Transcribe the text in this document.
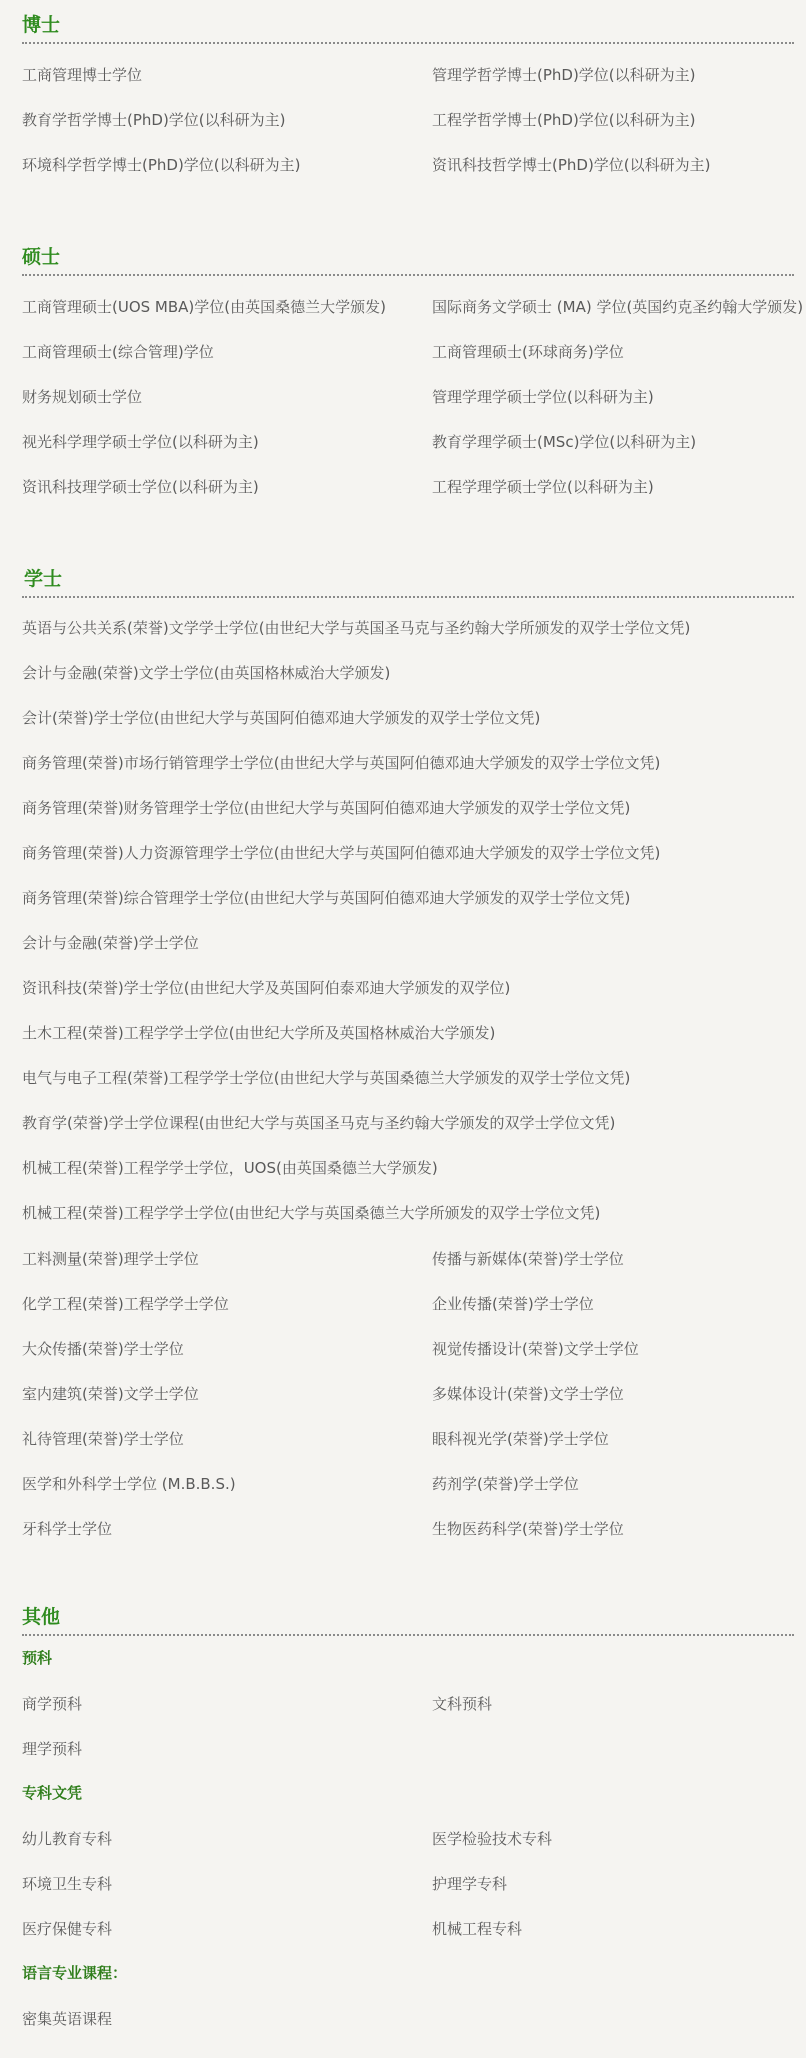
博士
工商管理博士学位	管理学哲学博士(PhD)学位(以科研为主)
教育学哲学博士(PhD)学位(以科研为主)	工程学哲学博士(PhD)学位(以科研为主)
环境科学哲学博士(PhD)学位(以科研为主)	资讯科技哲学博士(PhD)学位(以科研为主)
硕士
工商管理硕士(UOS MBA)学位(由英国桑德兰大学颁发)	国际商务文学硕士 (MA) 学位(英国约克圣约翰大学颁发)
工商管理硕士(综合管理)学位	工商管理硕士(环球商务)学位
财务规划硕士学位	管理学理学硕士学位(以科研为主)
视光科学理学硕士学位(以科研为主)	教育学理学硕士(MSc)学位(以科研为主)
资讯科技理学硕士学位(以科研为主)	工程学理学硕士学位(以科研为主)
学士
英语与公共关系(荣誉)文学学士学位(由世纪大学与英国圣马克与圣约翰大学所颁发的双学士学位文凭)
会计与金融(荣誉)文学士学位(由英国格林威治大学颁发)
会计(荣誉)学士学位(由世纪大学与英国阿伯德邓迪大学颁发的双学士学位文凭)
商务管理(荣誉)市场行销管理学士学位(由世纪大学与英国阿伯德邓迪大学颁发的双学士学位文凭)
商务管理(荣誉)财务管理学士学位(由世纪大学与英国阿伯德邓迪大学颁发的双学士学位文凭)
商务管理(荣誉)人力资源管理学士学位(由世纪大学与英国阿伯德邓迪大学颁发的双学士学位文凭)
商务管理(荣誉)综合管理学士学位(由世纪大学与英国阿伯德邓迪大学颁发的双学士学位文凭)
会计与金融(荣誉)学士学位
资讯科技(荣誉)学士学位(由世纪大学及英国阿伯泰邓迪大学颁发的双学位)
土木工程(荣誉)工程学学士学位(由世纪大学所及英国格林威治大学颁发)
电气与电子工程(荣誉)工程学学士学位(由世纪大学与英国桑德兰大学颁发的双学士学位文凭)
教育学(荣誉)学士学位课程(由世纪大学与英国圣马克与圣约翰大学颁发的双学士学位文凭)
机械工程(荣誉)工程学学士学位，UOS(由英国桑德兰大学颁发)
机械工程(荣誉)工程学学士学位(由世纪大学与英国桑德兰大学所颁发的双学士学位文凭)
工料测量(荣誉)理学士学位	传播与新媒体(荣誉)学士学位
化学工程(荣誉)工程学学士学位	企业传播(荣誉)学士学位
大众传播(荣誉)学士学位	视觉传播设计(荣誉)文学士学位
室内建筑(荣誉)文学士学位	多媒体设计(荣誉)文学士学位
礼待管理(荣誉)学士学位	眼科视光学(荣誉)学士学位
医学和外科学士学位 (M.B.B.S.)	药剂学(荣誉)学士学位
牙科学士学位	生物医药科学(荣誉)学士学位
其他
预科
商学预科	文科预科
理学预科
专科文凭
幼儿教育专科	医学检验技术专科
环境卫生专科	护理学专科
医疗保健专科	机械工程专科
语言专业课程：
密集英语课程
